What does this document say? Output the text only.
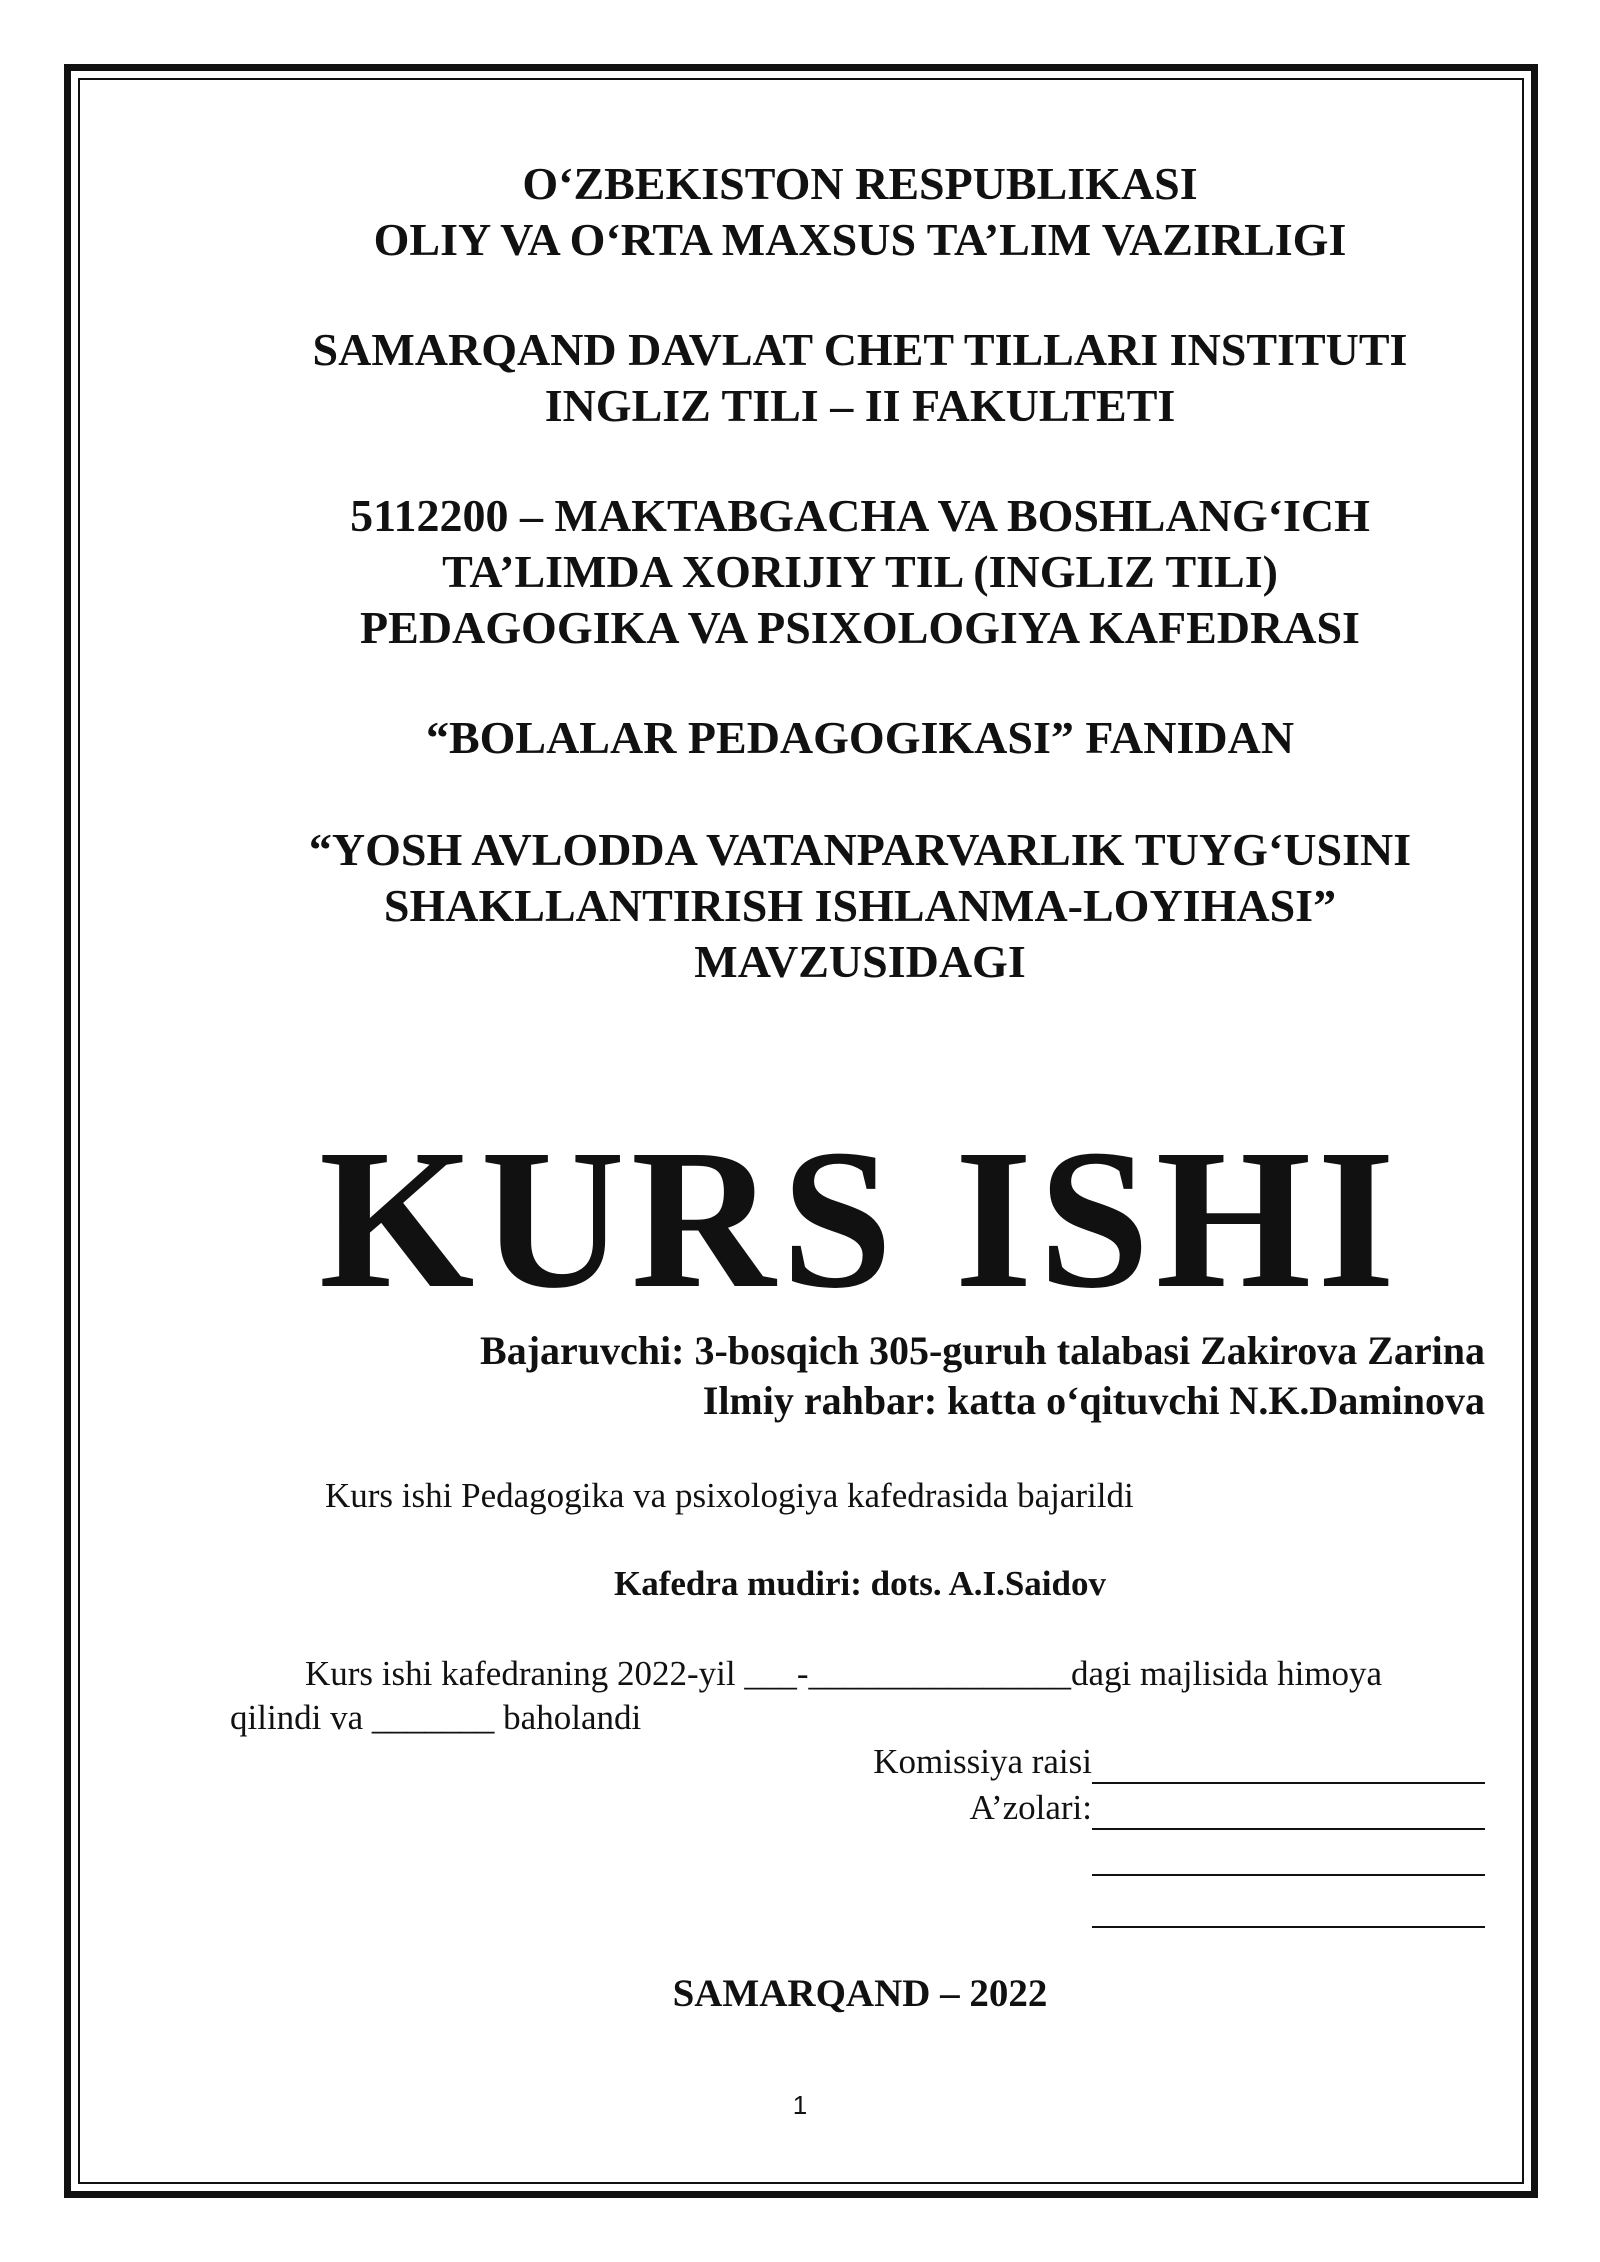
O‘ZBEKISTON RESPUBLIKASI
OLIY VA O‘RTA MAXSUS TA’LIM VAZIRLIGI
SAMARQAND DAVLAT CHET TILLARI INSTITUTI
INGLIZ TILI – II FAKULTETI
5112200 – MAKTABGACHA VA BOSHLANG‘ICH
TA’LIMDA XORIJIY TIL (INGLIZ TILI)
PEDAGOGIKA VA PSIXOLOGIYA KAFEDRASI
“BOLALAR PEDAGOGIKASI” FANIDAN
“YOSH AVLODDA VATANPARVARLIK TUYG‘USINI
SHAKLLANTIRISH ISHLANMA-LOYIHASI”
MAVZUSIDAGI
KURS ISHI
Bajaruvchi: 3-bosqich 305-guruh talabasi Zakirova Zarina
Ilmiy rahbar: katta o‘qituvchi N.K.Daminova
Kurs ishi Pedagogika va psixologiya kafedrasida bajarildi
Kafedra mudiri: dots. A.I.Saidov
Kurs ishi kafedraning 2022-yil ___-_______________dagi majlisida himoya
qilindi va _______ baholandi
Komissiya raisi
A’zolari:
SAMARQAND – 2022
1
